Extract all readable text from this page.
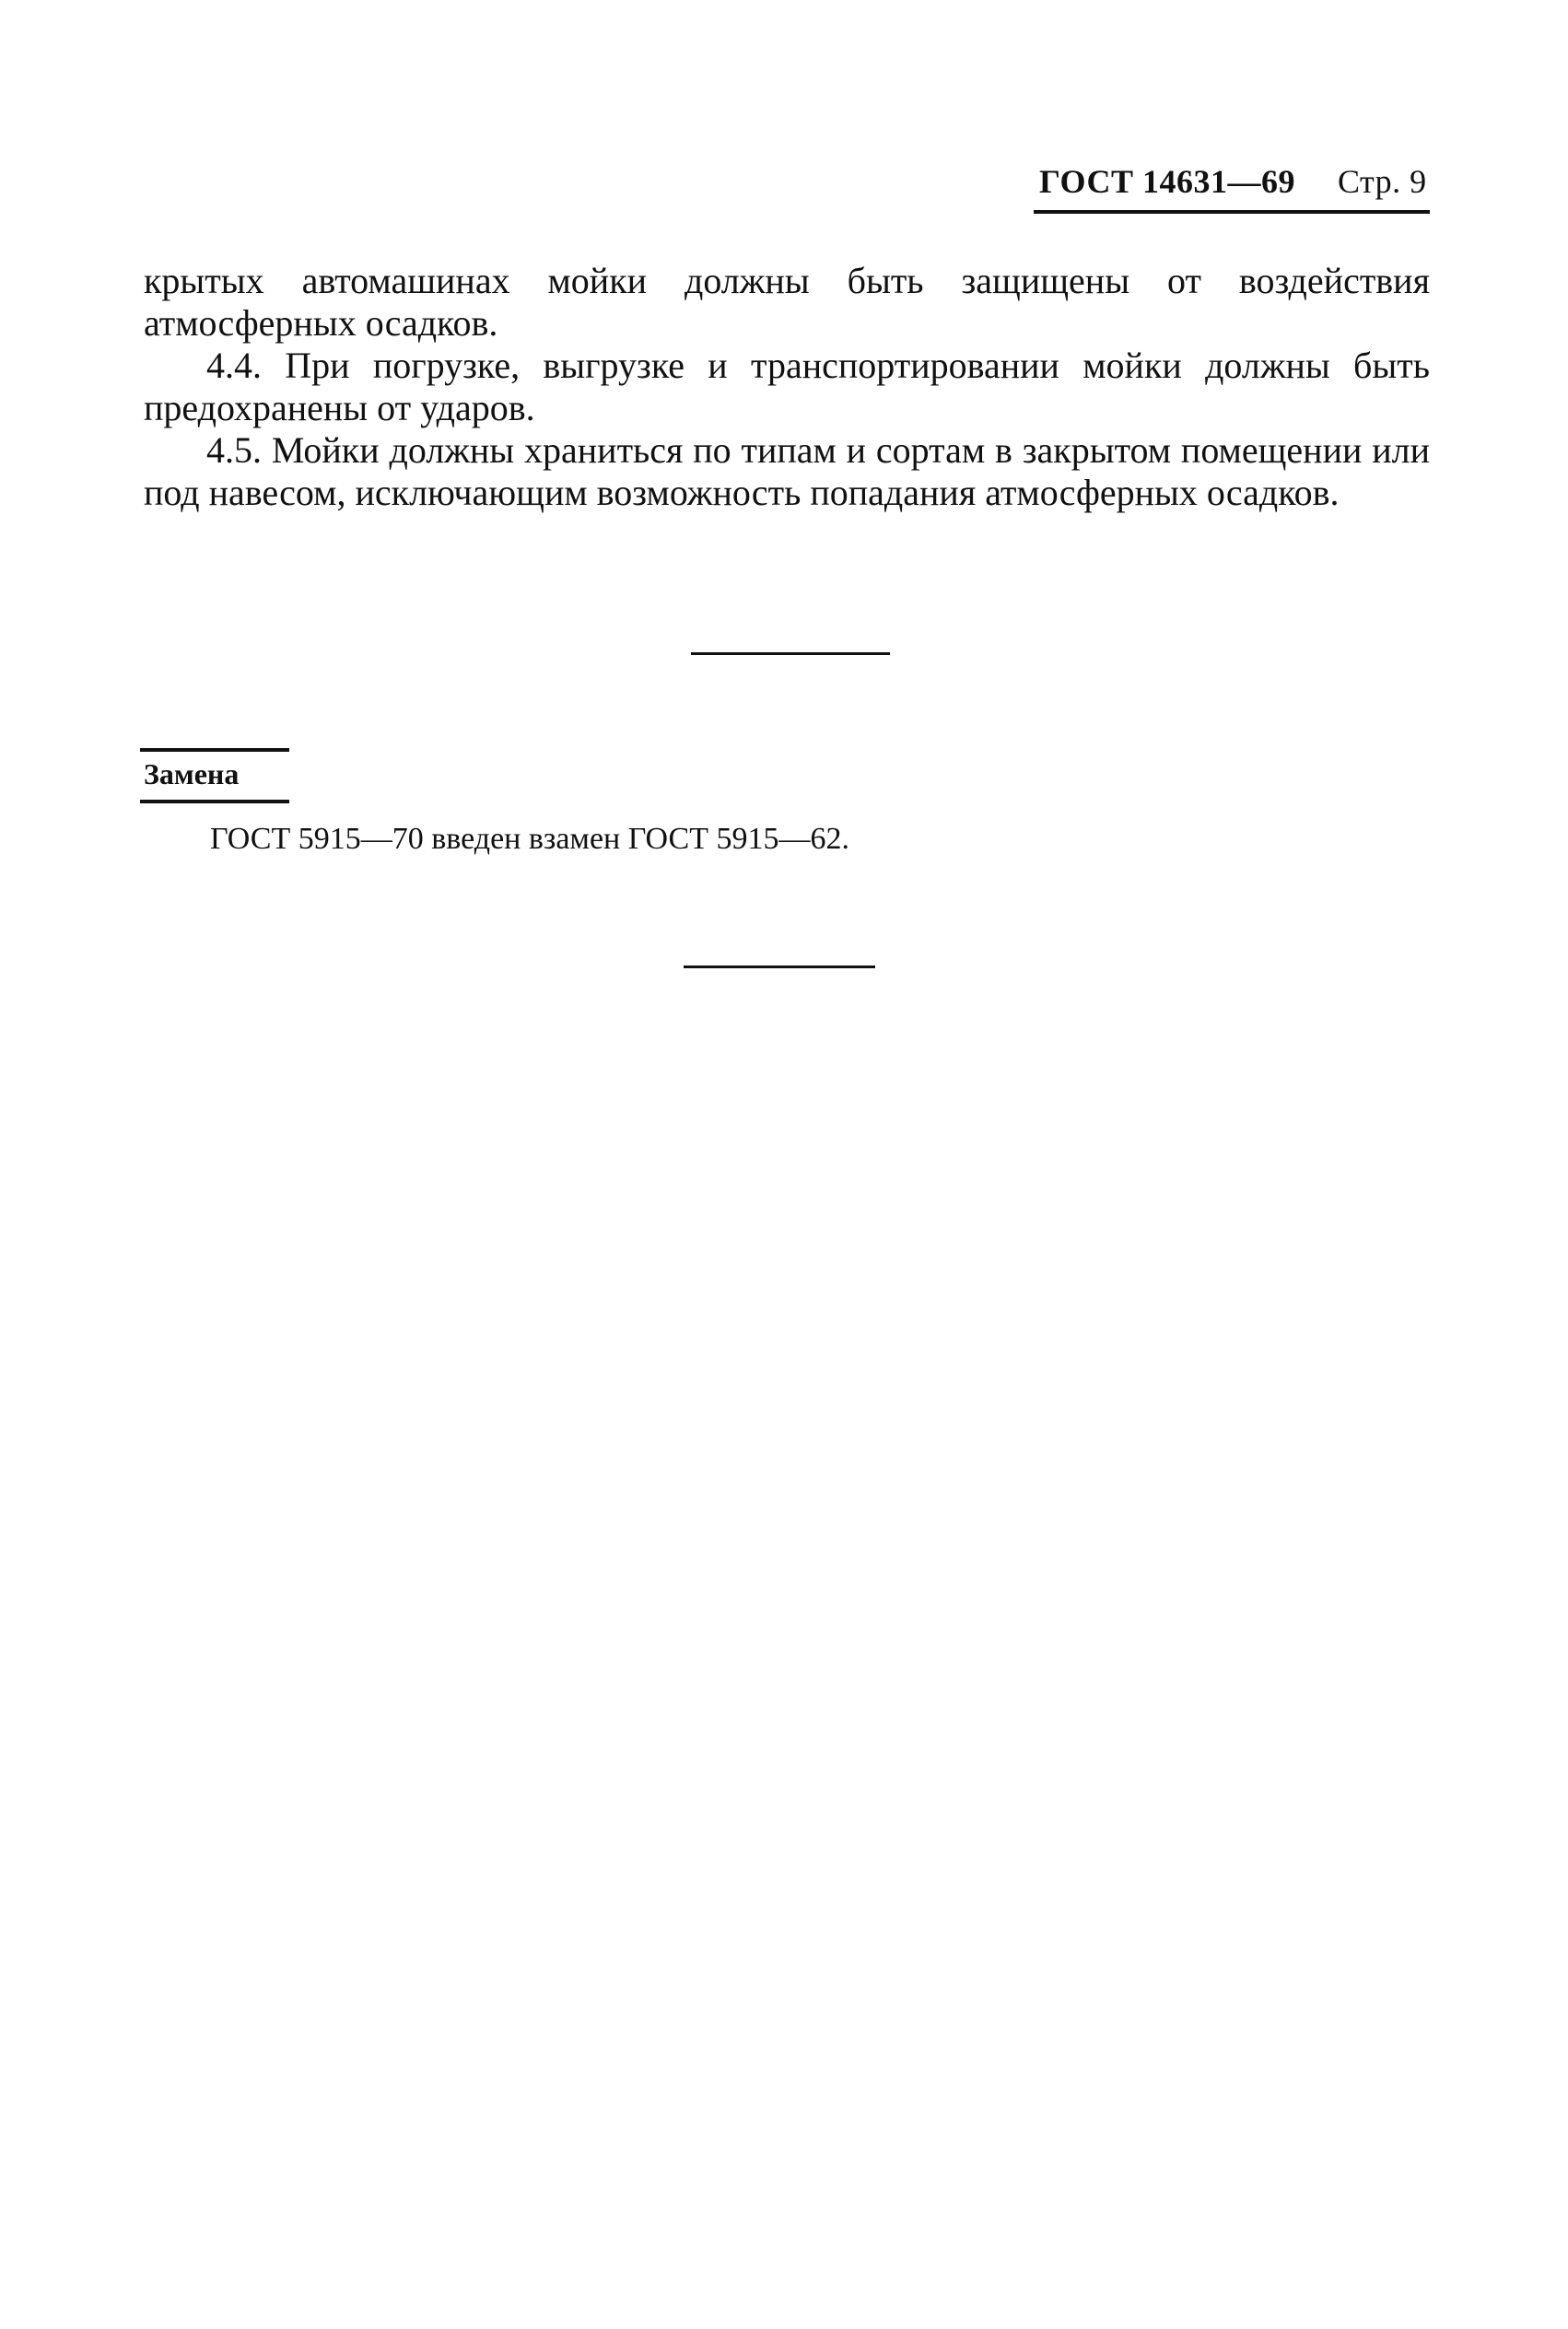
ГОСТ 14631—69 Стр. 9

крытых автомашинах мойки должны быть защищены от воздействия атмосферных осадков.

4.4. При погрузке, выгрузке и транспортировании мойки должны быть предохранены от ударов.

4.5. Мойки должны храниться по типам и сортам в закрытом помещении или под навесом, исключающим возможность попадания атмосферных осадков.

Замена
ГОСТ 5915—70 введен взамен ГОСТ 5915—62.
